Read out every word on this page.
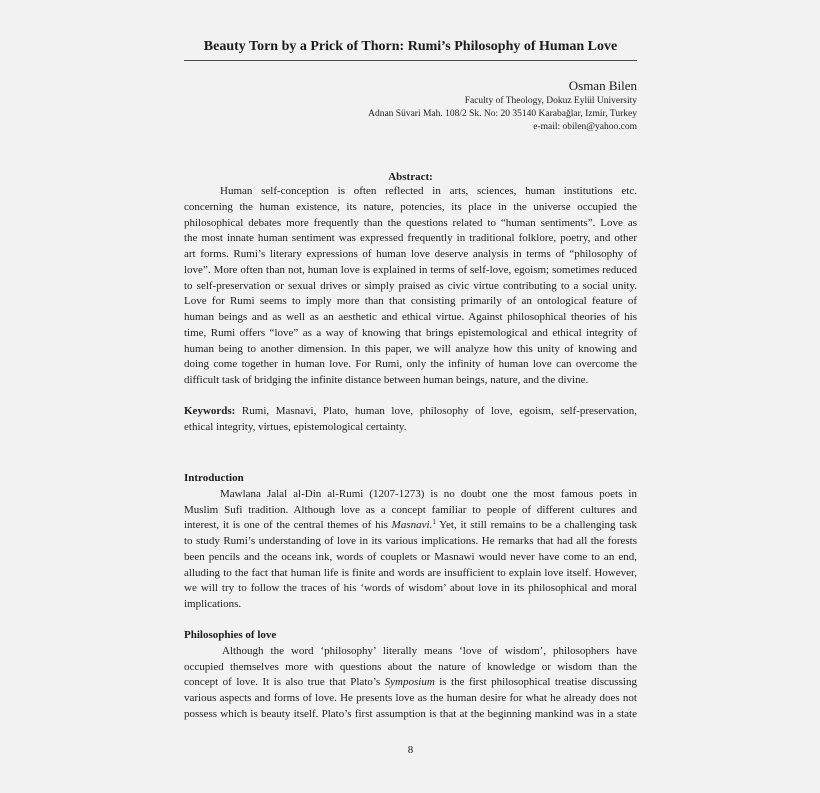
Beauty Torn by a Prick of Thorn: Rumi’s Philosophy of Human Love
Osman Bilen
Faculty of Theology, Dokuz Eylül University
Adnan Süvari Mah. 108/2 Sk. No: 20 35140 Karabağlar, Izmir, Turkey
e-mail: obilen@yahoo.com
Abstract:
Human self-conception is often reflected in arts, sciences, human institutions etc.
concerning the human existence, its nature, potencies, its place in the universe occupied the
philosophical debates more frequently than the questions related to “human sentiments”. Love as
the most innate human sentiment was expressed frequently in traditional folklore, poetry, and other
art forms. Rumi’s literary expressions of human love deserve analysis in terms of “philosophy of
love”. More often than not, human love is explained in terms of self-love, egoism; sometimes reduced
to self-preservation or sexual drives or simply praised as civic virtue contributing to a social unity.
Love for Rumi seems to imply more than that consisting primarily of an ontological feature of
human beings and as well as an aesthetic and ethical virtue. Against philosophical theories of his
time, Rumi offers “love” as a way of knowing that brings epistemological and ethical integrity of
human being to another dimension. In this paper, we will analyze how this unity of knowing and
doing come together in human love. For Rumi, only the infinity of human love can overcome the
difficult task of bridging the infinite distance between human beings, nature, and the divine.
Keywords: Rumi, Masnavi, Plato, human love, philosophy of love, egoism, self-preservation,
ethical integrity, virtues, epistemological certainty.
Introduction
Mawlana Jalal al-Din al-Rumi (1207-1273) is no doubt one the most famous poets in
Muslim Sufi tradition. Although love as a concept familiar to people of different cultures and
interest, it is one of the central themes of his Masnavi.$^1$ Yet, it still remains to be a challenging task
to study Rumi’s understanding of love in its various implications. He remarks that had all the forests
been pencils and the oceans ink, words of couplets or Masnawi would never have come to an end,
alluding to the fact that human life is finite and words are insufficient to explain love itself. However,
we will try to follow the traces of his ‘words of wisdom’ about love in its philosophical and moral
implications.
Philosophies of love
Although the word ‘philosophy’ literally means ‘love of wisdom’, philosophers have
occupied themselves more with questions about the nature of knowledge or wisdom than the
concept of love. It is also true that Plato’s Symposium is the first philosophical treatise discussing
various aspects and forms of love. He presents love as the human desire for what he already does not
possess which is beauty itself. Plato’s first assumption is that at the beginning mankind was in a state
8
